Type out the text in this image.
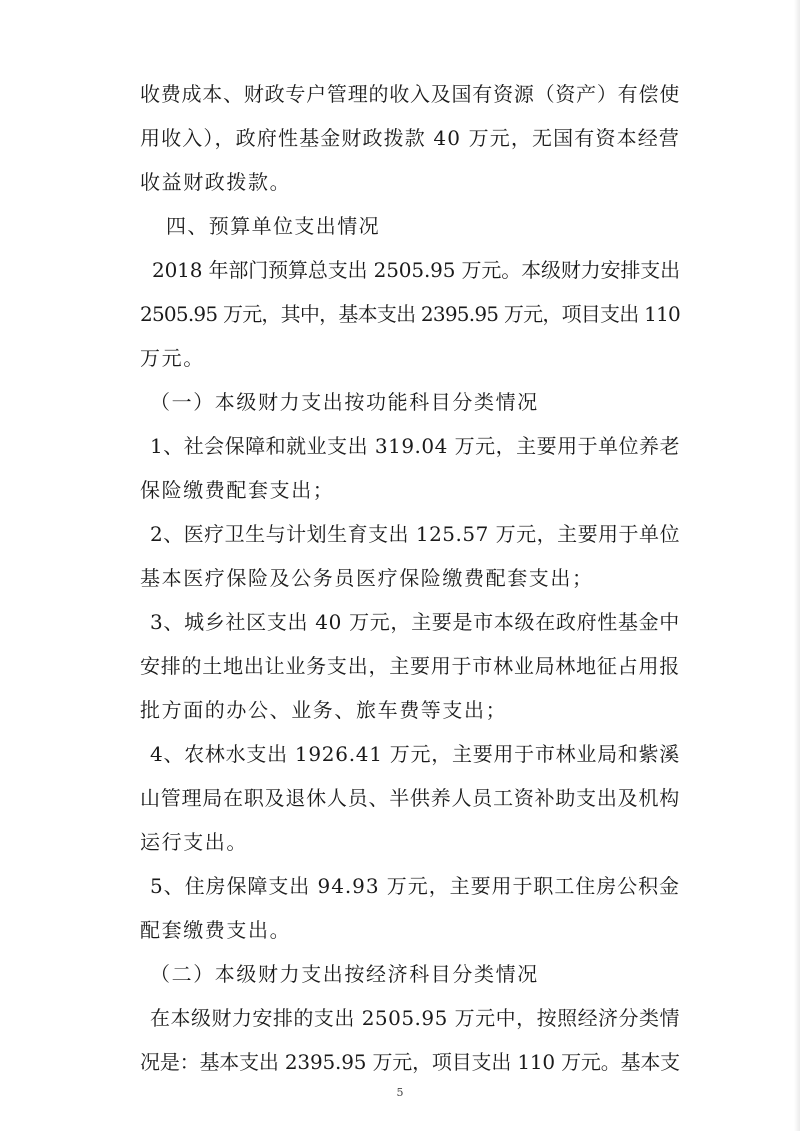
收费成本、财政专户管理的收入及国有资源（资产）有偿使

用收入），政府性基金财政拨款 40 万元，无国有资本经营

收益财政拨款。

四、预算单位支出情况

2018 年部门预算总支出 2505.95 万元。本级财力安排支出

2505.95 万元，其中，基本支出 2395.95 万元，项目支出 110

万元。

（一）本级财力支出按功能科目分类情况

1、社会保障和就业支出 319.04 万元，主要用于单位养老

保险缴费配套支出；

2、医疗卫生与计划生育支出 125.57 万元，主要用于单位

基本医疗保险及公务员医疗保险缴费配套支出；

3、城乡社区支出 40 万元，主要是市本级在政府性基金中

安排的土地出让业务支出，主要用于市林业局林地征占用报

批方面的办公、业务、旅车费等支出；

4、农林水支出 1926.41 万元，主要用于市林业局和紫溪

山管理局在职及退休人员、半供养人员工资补助支出及机构

运行支出。

5、住房保障支出 94.93 万元，主要用于职工住房公积金

配套缴费支出。

（二）本级财力支出按经济科目分类情况

在本级财力安排的支出 2505.95 万元中，按照经济分类情

况是：基本支出 2395.95 万元，项目支出 110 万元。基本支

5
